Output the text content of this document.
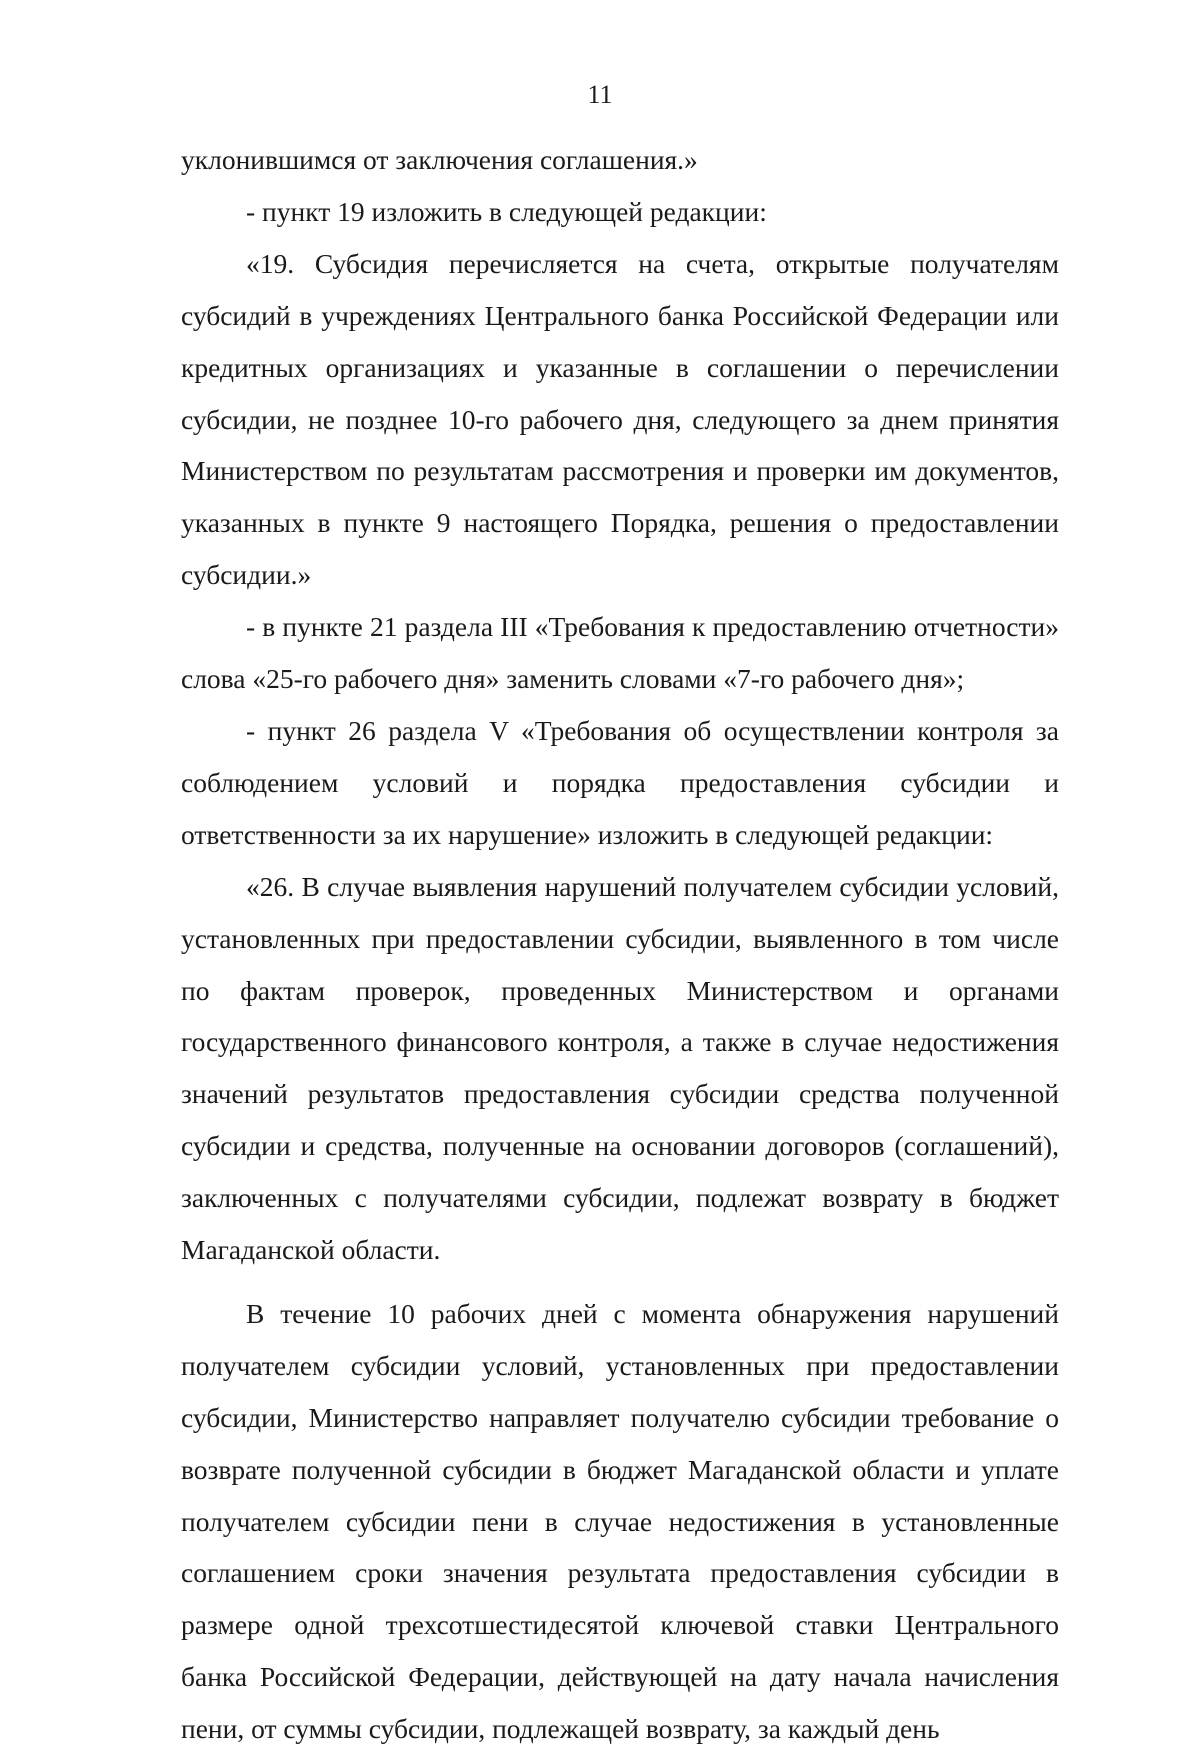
11

уклонившимся от заключения соглашения.»

- пункт 19 изложить в следующей редакции:

«19. Субсидия перечисляется на счета, открытые получателям субсидий в учреждениях Центрального банка Российской Федерации или кредитных организациях и указанные в соглашении о перечислении субсидии, не позднее 10-го рабочего дня, следующего за днем принятия Министерством по результатам рассмотрения и проверки им документов, указанных в пункте 9 настоящего Порядка, решения о предоставлении субсидии.»

- в пункте 21 раздела III «Требования к предоставлению отчетности» слова «25-го рабочего дня» заменить словами «7-го рабочего дня»;

- пункт 26 раздела V «Требования об осуществлении контроля за соблюдением условий и порядка предоставления субсидии и ответственности за их нарушение» изложить в следующей редакции:

«26. В случае выявления нарушений получателем субсидии условий, установленных при предоставлении субсидии, выявленного в том числе по фактам проверок, проведенных Министерством и органами государственного финансового контроля, а также в случае недостижения значений результатов предоставления субсидии средства полученной субсидии и средства, полученные на основании договоров (соглашений), заключенных с получателями субсидии, подлежат возврату в бюджет Магаданской области.

В течение 10 рабочих дней с момента обнаружения нарушений получателем субсидии условий, установленных при предоставлении субсидии, Министерство направляет получателю субсидии требование о возврате полученной субсидии в бюджет Магаданской области и уплате получателем субсидии пени в случае недостижения в установленные соглашением сроки значения результата предоставления субсидии в размере одной трехсотшестидесятой ключевой ставки Центрального банка Российской Федерации, действующей на дату начала начисления пени, от суммы субсидии, подлежащей возврату, за каждый день
